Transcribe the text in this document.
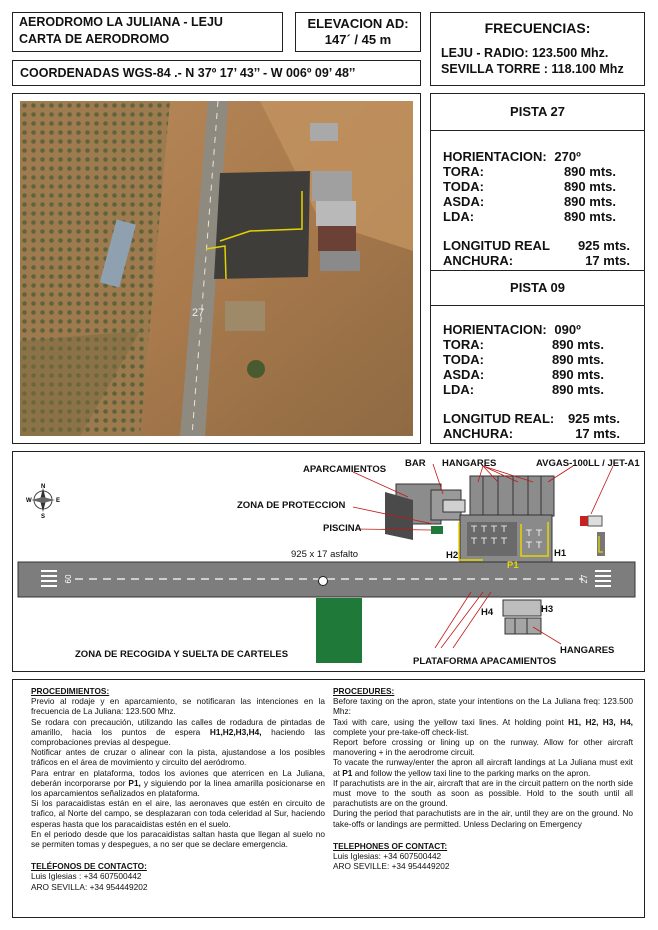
AERODROMO LA JULIANA - LEJU
CARTA DE AERODROMO
ELEVACION AD:
147´ / 45 m
FRECUENCIAS:
LEJU - RADIO: 123.500 Mhz.
SEVILLA TORRE : 118.100 Mhz
COORDENADAS WGS-84 .- N 37º 17’ 43’’ - W 006º 09’ 48’’
27
PISTA 27
HORIENTACION: 270º
TORA:	890 mts.
TODA:	890 mts.
ASDA:	890 mts.
LDA:	890 mts.
LONGITUD REAL 925 mts.
ANCHURA:	17 mts.
PISTA 09
HORIENTACION: 090º
TORA:	890 mts.
TODA:	890 mts.
ASDA:	890 mts.
LDA:	890 mts.
LONGITUD REAL: 925 mts.
ANCHURA:	17 mts.
N
S
E
W
09	27
APARCAMIENTOS
BAR HANGARES	AVGAS-100LL / JET-A1
ZONA DE PROTECCION
PISCINA
925 x 17 asfalto	H2	H1
P1
H4	H3
ZONA DE RECOGIDA Y SUELTA DE CARTELES
PLATAFORMA APACAMIENTOS
HANGARES

PROCEDIMIENTOS:

Previo al rodaje y en aparcamiento, se notificaran las intenciones en la frecuencia de La Juliana: 123.500 Mhz.

Se rodara con precaución, utilizando las calles de rodadura de pintadas de amarillo, hacia los puntos de espera H1,H2,H3,H4, haciendo las comprobaciones previas al despegue.

Notificar antes de cruzar o alinear con la pista, ajustandose a los posibles tráficos en el área de movimiento y circuito del aeródromo.

Para entrar en plataforma, todos los aviones que aterricen en La Juliana, deberán incorporarse por P1, y siguiendo por la linea amarilla posicionarse en los aparcamientos señalizados en plataforma.

Si los paracaidistas están en el aire, las aeronaves que estén en circuito de trafico, al Norte del campo, se desplazaran con toda celeridad al Sur, haciendo esperas hasta que los paracaidistas estén en el suelo.

En el periodo desde que los paracaidistas saltan hasta que llegan al suelo no se permiten tomas y despegues, a no ser que se declare emergencia.

TELÉFONOS DE CONTACTO:

Luis Iglesias : +34 607500442

ARO SEVILLA: +34 954449202

PROCEDURES:

Before taxing on the apron, state your intentions on the La Juliana freq: 123.500 Mhz:

Taxi with care, using the yellow taxi lines. At holding point H1, H2, H3, H4, complete your pre-take-off check-list.

Report before crossing or lining up on the runway. Allow for other aircraft manovering + in the aerodrome circuit.

To vacate the runway/enter the apron all aircraft landings at La Juliana must exit at P1 and follow the yellow taxi line to the parking marks on the apron.

If parachutists are in the air, aircraft that are in the circuit pattern on the north side must move to the south as soon as possible. Hold to the south until all parachutists are on the ground.

During the period that parachutists are in the air, until they are on the ground. No take-offs or landings are permitted. Unless Declaring on Emergency

TELEPHONES OF CONTACT:

Luis Iglesias: +34 607500442

ARO SEVILLE: +34 954449202
